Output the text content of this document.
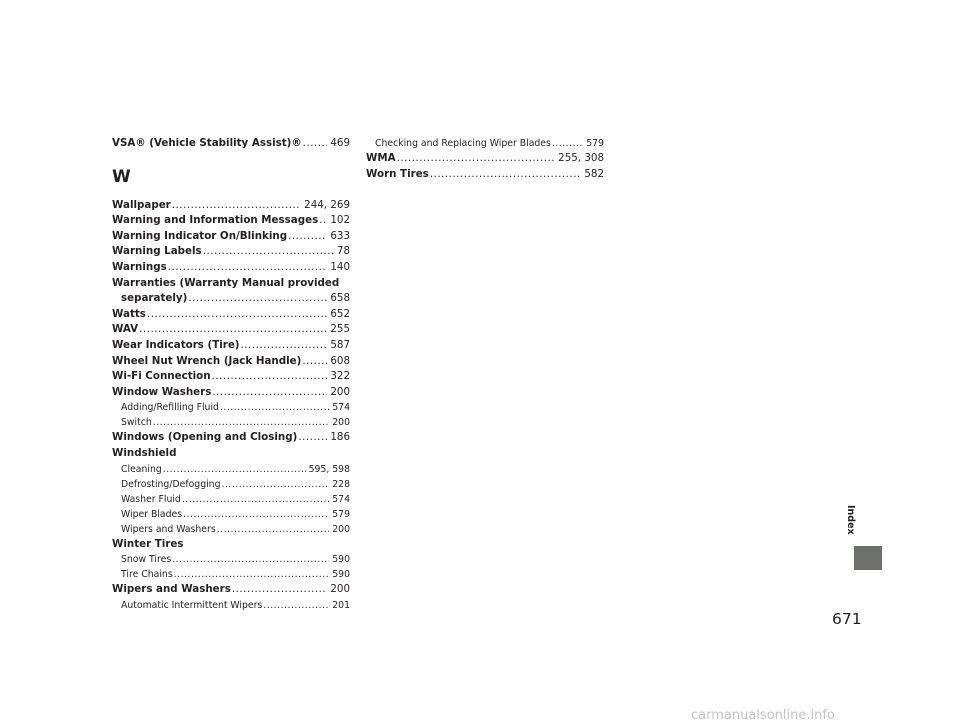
VSA® (Vehicle Stability Assist)® .....	469
W
Wallpaper .....	244, 269
Warning and Information Messages ..... 102
Warning Indicator On/Blinking .....	633
Warning Labels .....	78
Warnings .....	140
Warranties (Warranty Manual provided
separately) .....	658
Watts .....	652
WAV .....	255
Wear Indicators (Tire) .....	587
Wheel Nut Wrench (Jack Handle) .....	608
Wi-Fi Connection .....	322
Window Washers .....	200
Adding/Refilling Fluid .....	574
Switch .....	200
Windows (Opening and Closing) .....	186
Windshield
Cleaning .....	595, 598
Defrosting/Defogging .....	228
Washer Fluid .....	574
Wiper Blades .....	579
Wipers and Washers .....	200
Winter Tires
Snow Tires .....	590
Tire Chains .....	590
Wipers and Washers .....	200
Automatic Intermittent Wipers .....	201
Checking and Replacing Wiper Blades .....	579
WMA .....	255, 308
Worn Tires .....	582
Index
671
carmanualsonline.info
